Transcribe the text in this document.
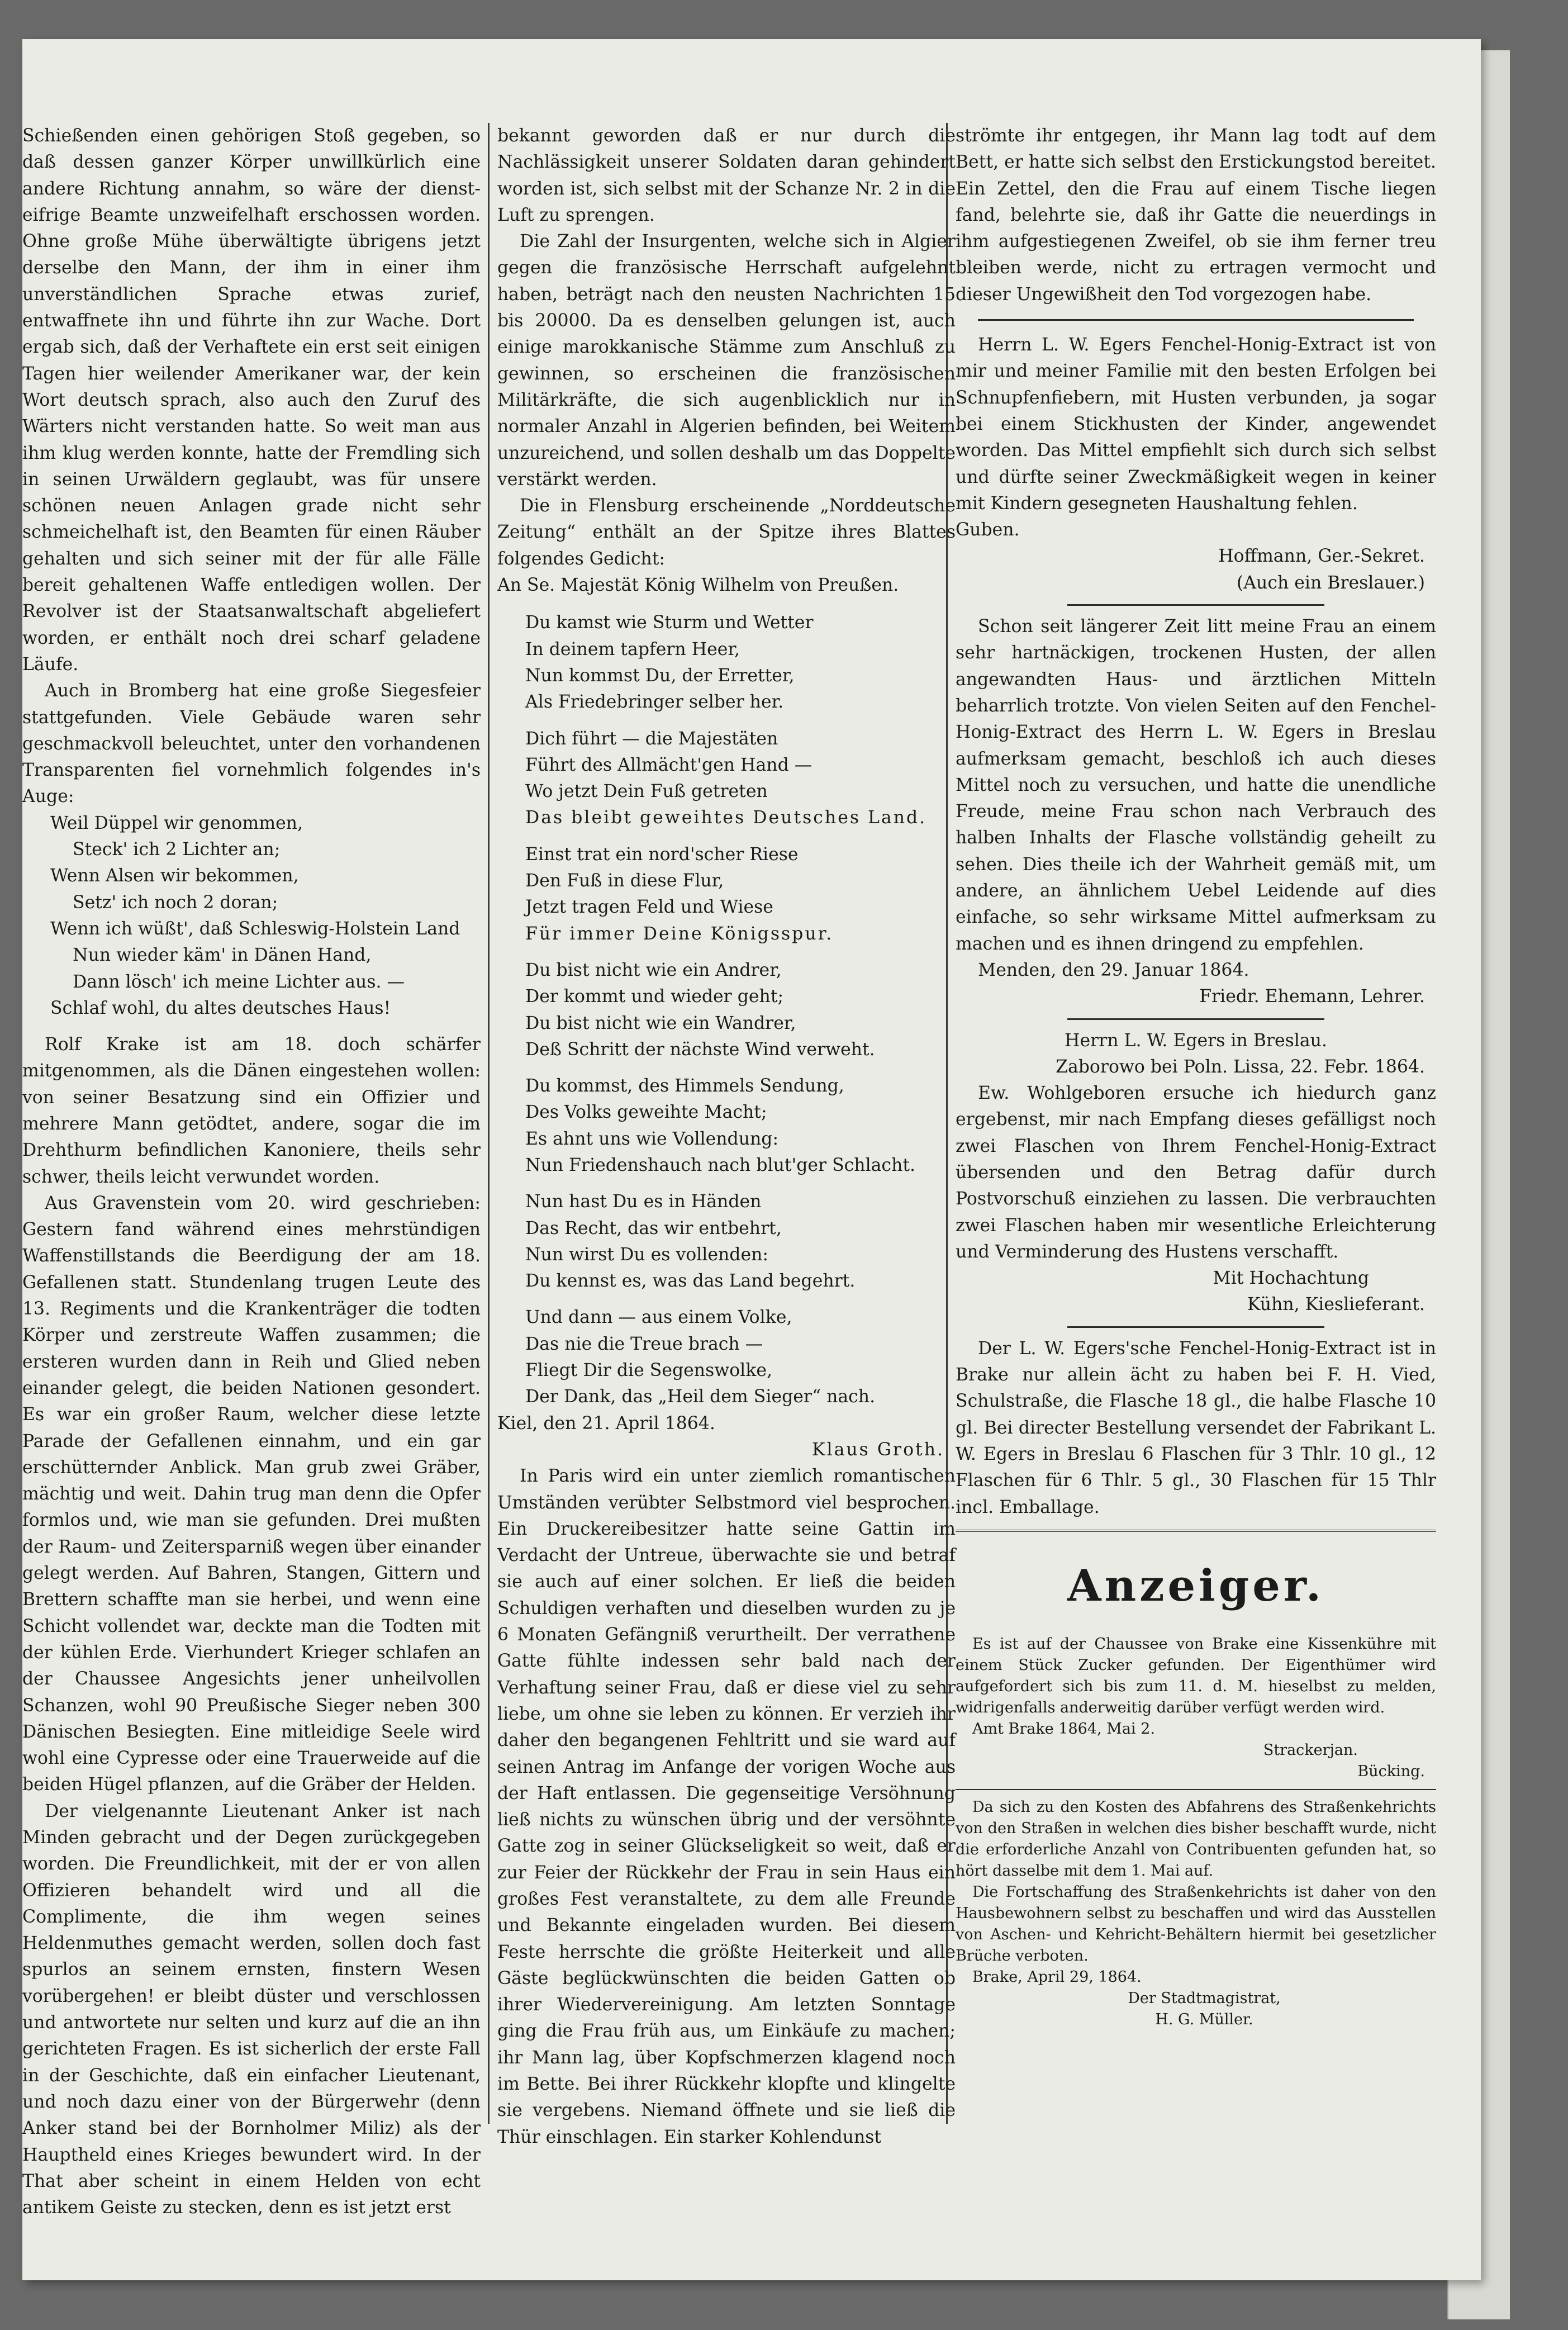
Schießenden einen gehörigen Stoß gegeben, so daß dessen ganzer Körper unwillkürlich eine andere Richtung annahm, so wäre der dienst-eifrige Beamte unzweifelhaft erschossen worden. Ohne große Mühe überwältigte übrigens jetzt derselbe den Mann, der ihm in einer ihm unverständlichen Sprache etwas zurief, entwaffnete ihn und führte ihn zur Wache. Dort ergab sich, daß der Verhaftete ein erst seit einigen Tagen hier weilender Amerikaner war, der kein Wort deutsch sprach, also auch den Zuruf des Wärters nicht verstanden hatte. So weit man aus ihm klug werden konnte, hatte der Fremdling sich in seinen Urwäldern geglaubt, was für unsere schönen neuen Anlagen grade nicht sehr schmeichelhaft ist, den Beamten für einen Räuber gehalten und sich seiner mit der für alle Fälle bereit gehaltenen Waffe entledigen wollen. Der Revolver ist der Staatsanwaltschaft abgeliefert worden, er enthält noch drei scharf geladene Läufe.

Auch in Bromberg hat eine große Siegesfeier stattgefunden. Viele Gebäude waren sehr geschmackvoll beleuchtet, unter den vorhandenen Transparenten fiel vornehmlich folgendes in's Auge:

Weil Düppel wir genommen,
Steck' ich 2 Lichter an;
Wenn Alsen wir bekommen,
Setz' ich noch 2 doran;
Wenn ich wüßt', daß Schleswig-Holstein Land
Nun wieder käm' in Dänen Hand,
Dann lösch' ich meine Lichter aus. —
Schlaf wohl, du altes deutsches Haus!

Rolf Krake ist am 18. doch schärfer mitgenommen, als die Dänen eingestehen wollen: von seiner Besatzung sind ein Offizier und mehrere Mann getödtet, andere, sogar die im Drehthurm befindlichen Kanoniere, theils sehr schwer, theils leicht verwundet worden.

Aus Gravenstein vom 20. wird geschrieben: Gestern fand während eines mehrstündigen Waffenstillstands die Beerdigung der am 18. Gefallenen statt. Stundenlang trugen Leute des 13. Regiments und die Krankenträger die todten Körper und zerstreute Waffen zusammen; die ersteren wurden dann in Reih und Glied neben einander gelegt, die beiden Nationen gesondert. Es war ein großer Raum, welcher diese letzte Parade der Gefallenen einnahm, und ein gar erschütternder Anblick. Man grub zwei Gräber, mächtig und weit. Dahin trug man denn die Opfer formlos und, wie man sie gefunden. Drei mußten der Raum- und Zeitersparniß wegen über einander gelegt werden. Auf Bahren, Stangen, Gittern und Brettern schaffte man sie herbei, und wenn eine Schicht vollendet war, deckte man die Todten mit der kühlen Erde. Vierhundert Krieger schlafen an der Chaussee Angesichts jener unheilvollen Schanzen, wohl 90 Preußische Sieger neben 300 Dänischen Besiegten. Eine mitleidige Seele wird wohl eine Cypresse oder eine Trauerweide auf die beiden Hügel pflanzen, auf die Gräber der Helden.

Der vielgenannte Lieutenant Anker ist nach Minden gebracht und der Degen zurückgegeben worden. Die Freundlichkeit, mit der er von allen Offizieren behandelt wird und all die Complimente, die ihm wegen seines Heldenmuthes gemacht werden, sollen doch fast spurlos an seinem ernsten, finstern Wesen vorübergehen! er bleibt düster und verschlossen und antwortete nur selten und kurz auf die an ihn gerichteten Fragen. Es ist sicherlich der erste Fall in der Geschichte, daß ein einfacher Lieutenant, und noch dazu einer von der Bürgerwehr (denn Anker stand bei der Bornholmer Miliz) als der Hauptheld eines Krieges bewundert wird. In der That aber scheint in einem Helden von echt antikem Geiste zu stecken, denn es ist jetzt erst

bekannt geworden daß er nur durch die Nachlässigkeit unserer Soldaten daran gehindert worden ist, sich selbst mit der Schanze Nr. 2 in die Luft zu sprengen.

Die Zahl der Insurgenten, welche sich in Algier gegen die französische Herrschaft aufgelehnt haben, beträgt nach den neusten Nachrichten 15 bis 20000. Da es denselben gelungen ist, auch einige marokkanische Stämme zum Anschluß zu gewinnen, so erscheinen die französischen Militärkräfte, die sich augenblicklich nur in normaler Anzahl in Algerien befinden, bei Weitem unzureichend, und sollen deshalb um das Doppelte verstärkt werden.

Die in Flensburg erscheinende „Norddeutsche Zeitung“ enthält an der Spitze ihres Blattes folgendes Gedicht:

An Se. Majestät König Wilhelm von Preußen.

Du kamst wie Sturm und Wetter
In deinem tapfern Heer,
Nun kommst Du, der Erretter,
Als Friedebringer selber her.
Dich führt — die Majestäten
Führt des Allmächt'gen Hand —
Wo jetzt Dein Fuß getreten
Das bleibt geweihtes Deutsches Land.
Einst trat ein nord'scher Riese
Den Fuß in diese Flur,
Jetzt tragen Feld und Wiese
Für immer Deine Königsspur.
Du bist nicht wie ein Andrer,
Der kommt und wieder geht;
Du bist nicht wie ein Wandrer,
Deß Schritt der nächste Wind verweht.
Du kommst, des Himmels Sendung,
Des Volks geweihte Macht;
Es ahnt uns wie Vollendung:
Nun Friedenshauch nach blut'ger Schlacht.
Nun hast Du es in Händen
Das Recht, das wir entbehrt,
Nun wirst Du es vollenden:
Du kennst es, was das Land begehrt.
Und dann — aus einem Volke,
Das nie die Treue brach —
Fliegt Dir die Segenswolke,
Der Dank, das „Heil dem Sieger“ nach.

Kiel, den 21. April 1864.

Klaus Groth.

In Paris wird ein unter ziemlich romantischen Umständen verübter Selbstmord viel besprochen. Ein Druckereibesitzer hatte seine Gattin im Verdacht der Untreue, überwachte sie und betraf sie auch auf einer solchen. Er ließ die beiden Schuldigen verhaften und dieselben wurden zu je 6 Monaten Gefängniß verurtheilt. Der verrathene Gatte fühlte indessen sehr bald nach der Verhaftung seiner Frau, daß er diese viel zu sehr liebe, um ohne sie leben zu können. Er verzieh ihr daher den begangenen Fehltritt und sie ward auf seinen Antrag im Anfange der vorigen Woche aus der Haft entlassen. Die gegenseitige Versöhnung ließ nichts zu wünschen übrig und der versöhnte Gatte zog in seiner Glückseligkeit so weit, daß er zur Feier der Rückkehr der Frau in sein Haus ein großes Fest veranstaltete, zu dem alle Freunde und Bekannte eingeladen wurden. Bei diesem Feste herrschte die größte Heiterkeit und alle Gäste beglückwünschten die beiden Gatten ob ihrer Wiedervereinigung. Am letzten Sonntage ging die Frau früh aus, um Einkäufe zu machen; ihr Mann lag, über Kopfschmerzen klagend noch im Bette. Bei ihrer Rückkehr klopfte und klingelte sie vergebens. Niemand öffnete und sie ließ die Thür einschlagen. Ein starker Kohlendunst

strömte ihr entgegen, ihr Mann lag todt auf dem Bett, er hatte sich selbst den Erstickungstod bereitet. Ein Zettel, den die Frau auf einem Tische liegen fand, belehrte sie, daß ihr Gatte die neuerdings in ihm aufgestiegenen Zweifel, ob sie ihm ferner treu bleiben werde, nicht zu ertragen vermocht und dieser Ungewißheit den Tod vorgezogen habe.

Herrn L. W. Egers Fenchel-Honig-Extract ist von mir und meiner Familie mit den besten Erfolgen bei Schnupfenfiebern, mit Husten verbunden, ja sogar bei einem Stickhusten der Kinder, angewendet worden. Das Mittel empfiehlt sich durch sich selbst und dürfte seiner Zweckmäßigkeit wegen in keiner mit Kindern gesegneten Haushaltung fehlen.

Guben.

Hoffmann, Ger.-Sekret.

(Auch ein Breslauer.)

Schon seit längerer Zeit litt meine Frau an einem sehr hartnäckigen, trockenen Husten, der allen angewandten Haus- und ärztlichen Mitteln beharrlich trotzte. Von vielen Seiten auf den Fenchel-Honig-Extract des Herrn L. W. Egers in Breslau aufmerksam gemacht, beschloß ich auch dieses Mittel noch zu versuchen, und hatte die unendliche Freude, meine Frau schon nach Verbrauch des halben Inhalts der Flasche vollständig geheilt zu sehen. Dies theile ich der Wahrheit gemäß mit, um andere, an ähnlichem Uebel Leidende auf dies einfache, so sehr wirksame Mittel aufmerksam zu machen und es ihnen dringend zu empfehlen.

Menden, den 29. Januar 1864.

Friedr. Ehemann, Lehrer.

Herrn L. W. Egers in Breslau.

Zaborowo bei Poln. Lissa, 22. Febr. 1864.

Ew. Wohlgeboren ersuche ich hiedurch ganz ergebenst, mir nach Empfang dieses gefälligst noch zwei Flaschen von Ihrem Fenchel-Honig-Extract übersenden und den Betrag dafür durch Postvorschuß einziehen zu lassen. Die verbrauchten zwei Flaschen haben mir wesentliche Erleichterung und Verminderung des Hustens verschafft.

Mit Hochachtung

Kühn, Kieslieferant.

Der L. W. Egers'sche Fenchel-Honig-Extract ist in Brake nur allein ächt zu haben bei F. H. Vied, Schulstraße, die Flasche 18 gl., die halbe Flasche 10 gl. Bei directer Bestellung versendet der Fabrikant L. W. Egers in Breslau 6 Flaschen für 3 Thlr. 10 gl., 12 Flaschen für 6 Thlr. 5 gl., 30 Flaschen für 15 Thlr incl. Emballage.

Anzeiger.

Es ist auf der Chaussee von Brake eine Kissenkühre mit einem Stück Zucker gefunden. Der Eigenthümer wird aufgefordert sich bis zum 11. d. M. hieselbst zu melden, widrigenfalls anderweitig darüber verfügt werden wird.

Amt Brake 1864, Mai 2.

Strackerjan.

Bücking.

Da sich zu den Kosten des Abfahrens des Straßenkehrichts von den Straßen in welchen dies bisher beschafft wurde, nicht die erforderliche Anzahl von Contribuenten gefunden hat, so hört dasselbe mit dem 1. Mai auf.

Die Fortschaffung des Straßenkehrichts ist daher von den Hausbewohnern selbst zu beschaffen und wird das Ausstellen von Aschen- und Kehricht-Behältern hiermit bei gesetzlicher Brüche verboten.

Brake, April 29, 1864.

Der Stadtmagistrat,

H. G. Müller.
